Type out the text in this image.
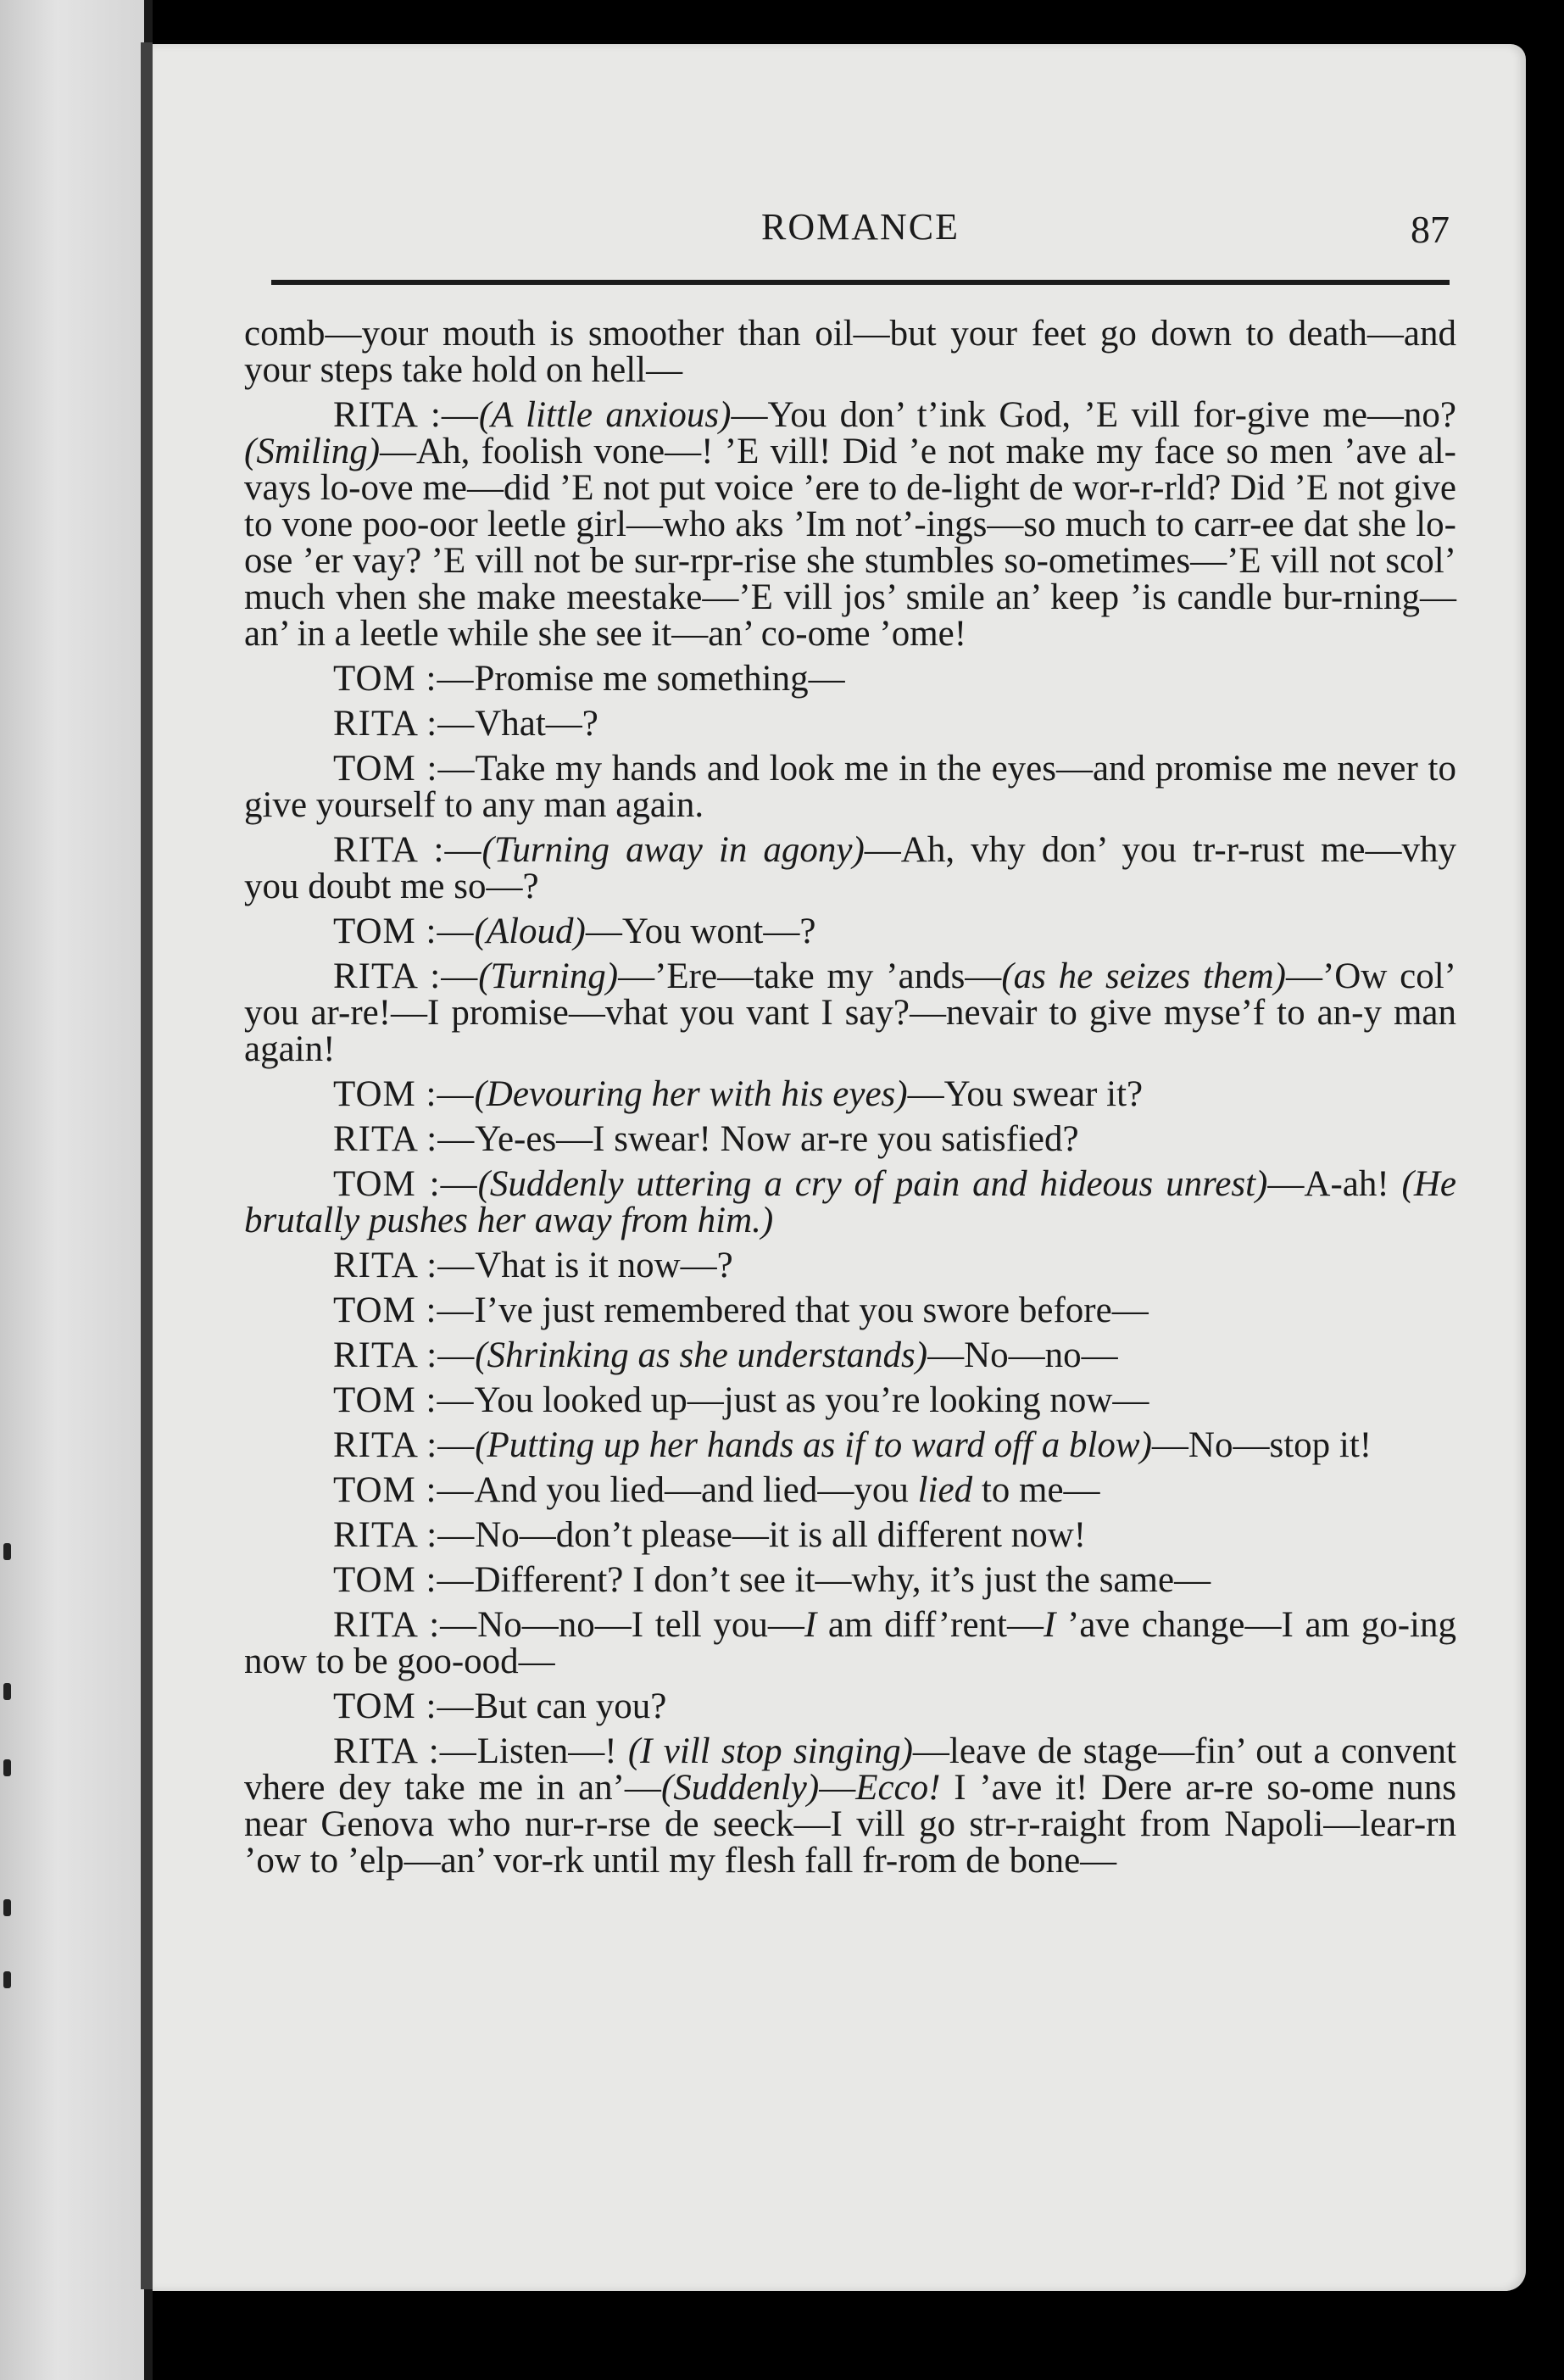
ROMANCE	87

comb—your mouth is smoother than oil—but your feet go down to death—and your steps take hold on hell—

RITA :—(A little anxious)—You don’ t’ink God, ’E vill for-give me—no? (Smiling)—Ah, foolish vone—! ’E vill! Did ’e not make my face so men ’ave al-vays lo-ove me—did ’E not put voice ’ere to de-light de wor-r-rld? Did ’E not give to vone poo-oor leetle girl—who aks ’Im not’-ings—so much to carr-ee dat she lo-ose ’er vay? ’E vill not be sur-rpr-rise she stumbles so-ometimes—’E vill not scol’ much vhen she make meestake—’E vill jos’ smile an’ keep ’is candle bur-rning—an’ in a leetle while she see it—an’ co-ome ’ome!

TOM :—Promise me something—

RITA :—Vhat—?

TOM :—Take my hands and look me in the eyes—and promise me never to give yourself to any man again.

RITA :—(Turning away in agony)—Ah, vhy don’ you tr-r-rust me—vhy you doubt me so—?

TOM :—(Aloud)—You wont—?

RITA :—(Turning)—’Ere—take my ’ands—(as he seizes them)—’Ow col’ you ar-re!—I promise—vhat you vant I say?—nevair to give myse’f to an-y man again!

TOM :—(Devouring her with his eyes)—You swear it?

RITA :—Ye-es—I swear! Now ar-re you satisfied?

TOM :—(Suddenly uttering a cry of pain and hideous unrest)—A-ah! (He brutally pushes her away from him.)

RITA :—Vhat is it now—?

TOM :—I’ve just remembered that you swore before—

RITA :—(Shrinking as she understands)—No—no—

TOM :—You looked up—just as you’re looking now—

RITA :—(Putting up her hands as if to ward off a blow)—No—stop it!

TOM :—And you lied—and lied—you lied to me—

RITA :—No—don’t please—it is all different now!

TOM :—Different? I don’t see it—why, it’s just the same—

RITA :—No—no—I tell you—I am diff’rent—I ’ave change—I am go-ing now to be goo-ood—

TOM :—But can you?

RITA :—Listen—! (I vill stop singing)—leave de stage—fin’ out a convent vhere dey take me in an’—(Suddenly)—Ecco! I ’ave it! Dere ar-re so-ome nuns near Genova who nur-r-rse de seeck—I vill go str-r-raight from Napoli—lear-rn ’ow to ’elp—an’ vor-rk until my flesh fall fr-rom de bone—
